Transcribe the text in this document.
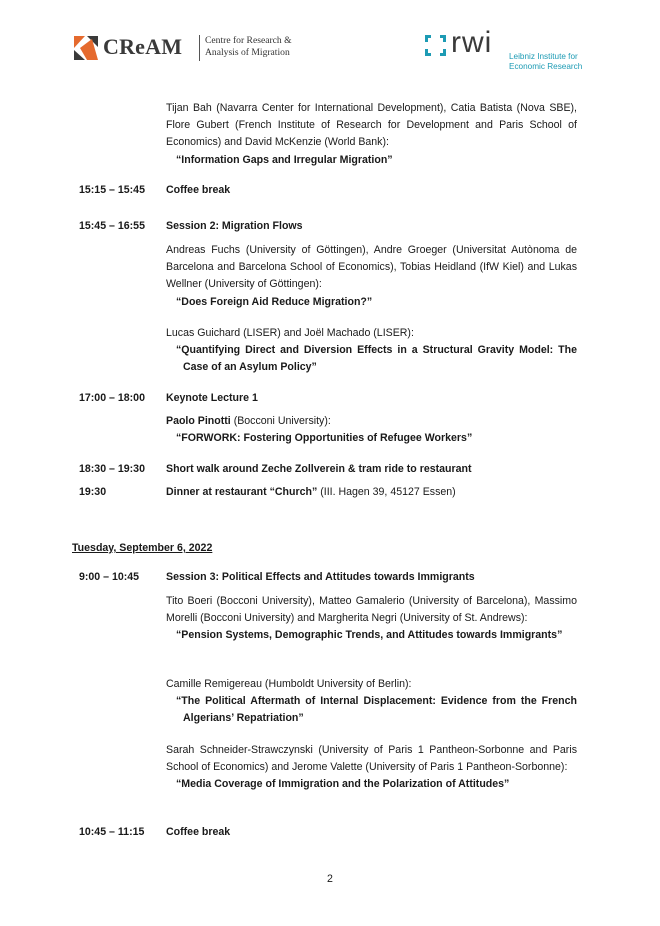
CReAM Centre for Research &
Analysis of Migration	rwi Leibniz Institute for
Economic Research
Tijan Bah (Navarra Center for International Development), Catia Batista (Nova SBE), Flore Gubert (French Institute of Research for Development and Paris School of Economics) and David McKenzie (World Bank):
“Information Gaps and Irregular Migration”
15:15 – 15:45 Coffee break
15:45 – 16:55 Session 2: Migration Flows
Andreas Fuchs (University of Göttingen), Andre Groeger (Universitat Autònoma de Barcelona and Barcelona School of Economics), Tobias Heidland (IfW Kiel) and Lukas Wellner (University of Göttingen):
“Does Foreign Aid Reduce Migration?”
Lucas Guichard (LISER) and Joël Machado (LISER):
“Quantifying Direct and Diversion Effects in a Structural Gravity Model: The Case of an Asylum Policy”
17:00 – 18:00 Keynote Lecture 1
Paolo Pinotti (Bocconi University):
“FORWORK: Fostering Opportunities of Refugee Workers”
18:30 – 19:30 Short walk around Zeche Zollverein & tram ride to restaurant
19:30	Dinner at restaurant “Church” (III. Hagen 39, 45127 Essen)
Tuesday, September 6, 2022
9:00 – 10:45	Session 3: Political Effects and Attitudes towards Immigrants
Tito Boeri (Bocconi University), Matteo Gamalerio (University of Barcelona), Massimo Morelli (Bocconi University) and Margherita Negri (University of St. Andrews):
“Pension Systems, Demographic Trends, and Attitudes towards Immigrants”
Camille Remigereau (Humboldt University of Berlin):
“The Political Aftermath of Internal Displacement: Evidence from the French Algerians’ Repatriation”
Sarah Schneider-Strawczynski (University of Paris 1 Pantheon-Sorbonne and Paris School of Economics) and Jerome Valette (University of Paris 1 Pantheon-Sorbonne):
“Media Coverage of Immigration and the Polarization of Attitudes”
10:45 – 11:15 Coffee break
2
